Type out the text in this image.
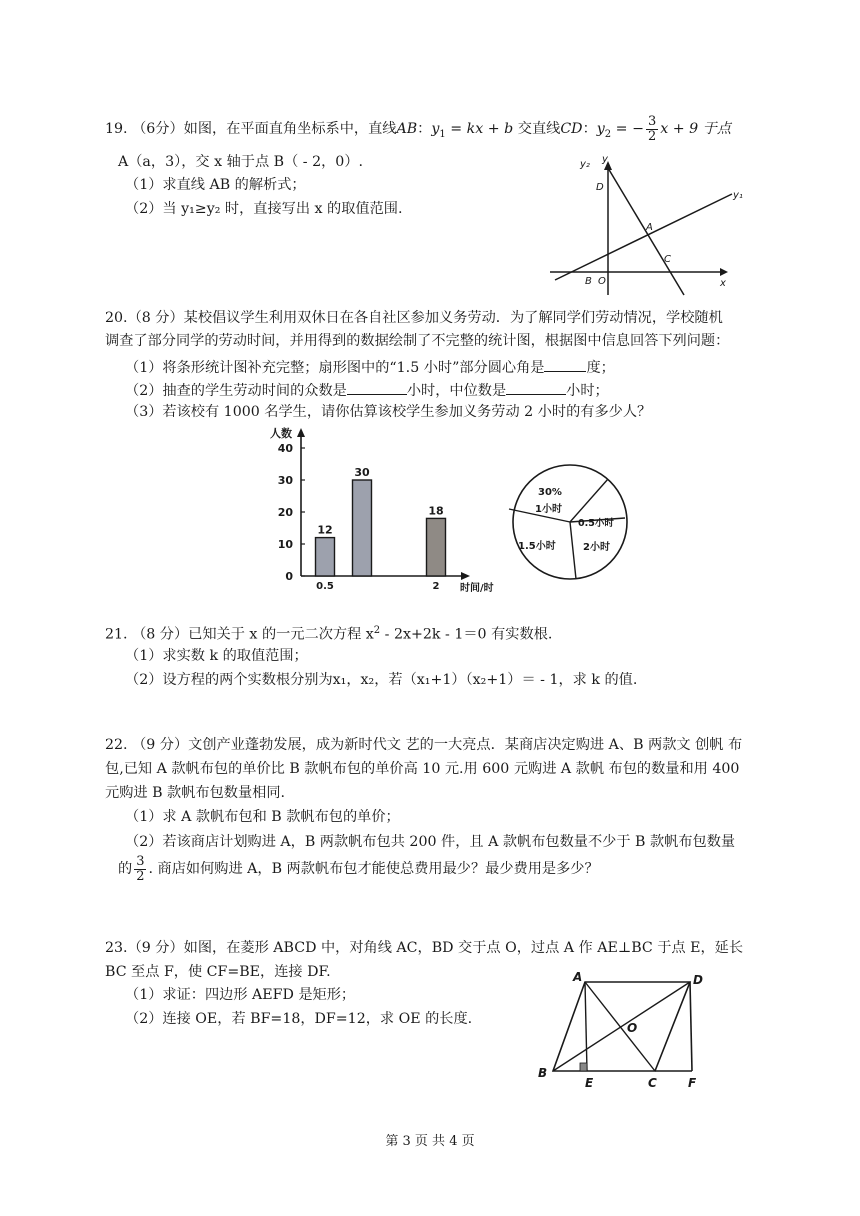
19. （6分）如图，在平面直角坐标系中，直线AB：$y_1$ = kx + b 交直线CD：$y_2$ = − $\frac{3}{2}$ x + 9 于点
A（a，3），交 x 轴于点 B（ - 2，0）.
（1）求直线 AB 的解析式；
（2）当 y₁≥y₂ 时，直接写出 x 的取值范围.
y₂ y
D
y₁
A
C
B O	x
20.（8 分）某校倡议学生利用双休日在各自社区参加义务劳动．为了解同学们劳动情况，学校随机
调查了部分同学的劳动时间，并用得到的数据绘制了不完整的统计图，根据图中信息回答下列问题：
（1）将条形统计图补充完整；扇形图中的“1.5 小时”部分圆心角是	度；
（2）抽查的学生劳动时间的众数是	小时，中位数是	小时；
（3）若该校有 1000 名学生，请你估算该校学生参加义务劳动 2 小时的有多少人？
0
10
20
30
40
12
0.5
30
18
2
人数
时间/时
30%
1小时
0.5小时
2小时
1.5小时
21. （8 分）已知关于 x 的一元二次方程 $x^2 - 2x+2k - 1=0$ 有实数根.
（1）求实数 k 的取值范围；
（2）设方程的两个实数根分别为x₁，x₂，若（x₁+1）（x₂+1）＝ - 1，求 k 的值.
22. （9 分）文创产业蓬勃发展，成为新时代文 艺的一大亮点．某商店决定购进 A、B 两款文 创帆 布
包,已知 A 款帆布包的单价比 B 款帆布包的单价高 10 元.用 600 元购进 A 款帆 布包的数量和用 400
元购进 B 款帆布包数量相同.
（1）求 A 款帆布包和 B 款帆布包的单价；
（2）若该商店计划购进 A，B 两款帆布包共 200 件，且 A 款帆布包数量不少于 B 款帆布包数量
的 $\frac{3}{2}$ . 商店如何购进 A，B 两款帆布包才能使总费用最少？最少费用是多少？
23.（9 分）如图，在菱形 ABCD 中，对角线 AC，BD 交于点 O，过点 A 作 AE⊥BC 于点 E，延长
BC 至点 F，使 CF=BE，连接 DF.
（1）求证：四边形 AEFD 是矩形；
（2）连接 OE，若 BF=18，DF=12，求 OE 的长度.
A	D
O
B
E	C	F
第 3 页 共 4 页
